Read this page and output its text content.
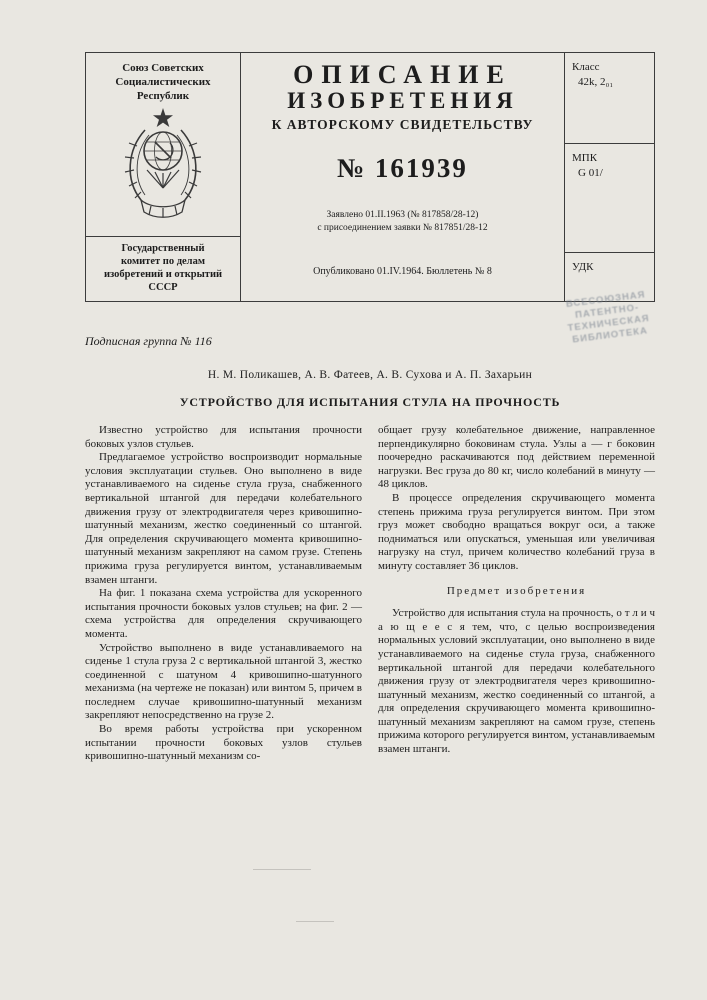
Союз Советских
Социалистических
Республик
Государственный
комитет по делам
изобретений и открытий
СССР
ОПИСАНИЕ
ИЗОБРЕТЕНИЯ
К АВТОРСКОМУ СВИДЕТЕЛЬСТВУ
№ 161939
Заявлено 01.II.1963 (№ 817858/28-12)
с присоединением заявки № 817851/28-12
Опубликовано 01.IV.1964. Бюллетень № 8
Класс
42k, 2₀₁
МПК
G 01/
УДК
ВСЕСОЮЗНАЯ
ПАТЕНТНО-ТЕХНИЧЕСКАЯ
БИБЛИОТЕКА
Подписная группа № 116
Н. М. Поликашев, А. В. Фатеев, А. В. Сухова и А. П. Захарьин
УСТРОЙСТВО ДЛЯ ИСПЫТАНИЯ СТУЛА НА ПРОЧНОСТЬ

Известно устройство для испытания прочности боковых узлов стульев.

Предлагаемое устройство воспроизводит нормальные условия эксплуатации стульев. Оно выполнено в виде устанавливаемого на сиденье стула груза, снабженного вертикальной штангой для передачи колебательного движения грузу от электродвигателя через кривошипно-шатунный механизм, жестко соединенный со штангой. Для определения скручивающего момента кривошипно-шатунный механизм закрепляют на самом грузе. Степень прижима груза регулируется винтом, устанавливаемым взамен штанги.

На фиг. 1 показана схема устройства для ускоренного испытания прочности боковых узлов стульев; на фиг. 2 — схема устройства для определения скручивающего момента.

Устройство выполнено в виде устанавливаемого на сиденье 1 стула груза 2 с вертикальной штангой 3, жестко соединенной с шатуном 4 кривошипно-шатунного механизма (на чертеже не показан) или винтом 5, причем в последнем случае кривошипно-шатунный механизм закрепляют непосредственно на грузе 2.

Во время работы устройства при ускоренном испытании прочности боковых узлов стульев кривошипно-шатунный механизм со-

общает грузу колебательное движение, направленное перпендикулярно боковинам стула. Узлы а — г боковин поочередно раскачиваются под действием переменной нагрузки. Вес груза до 80 кг, число колебаний в минуту — 48 циклов.

В процессе определения скручивающего момента степень прижима груза регулируется винтом. При этом груз может свободно вращаться вокруг оси, а также подниматься или опускаться, уменьшая или увеличивая нагрузку на стул, причем количество колебаний груза в минуту составляет 36 циклов.

Предмет изобретения

Устройство для испытания стула на прочность, о т л и ч а ю щ е е с я тем, что, с целью воспроизведения нормальных условий эксплуатации, оно выполнено в виде устанавливаемого на сиденье стула груза, снабженного вертикальной штангой для передачи колебательного движения грузу от электродвигателя через кривошипно-шатунный механизм, жестко соединенный со штангой, а для определения скручивающего момента кривошипно-шатунный механизм закрепляют на самом грузе, степень прижима которого регулируется винтом, устанавливаемым взамен штанги.
